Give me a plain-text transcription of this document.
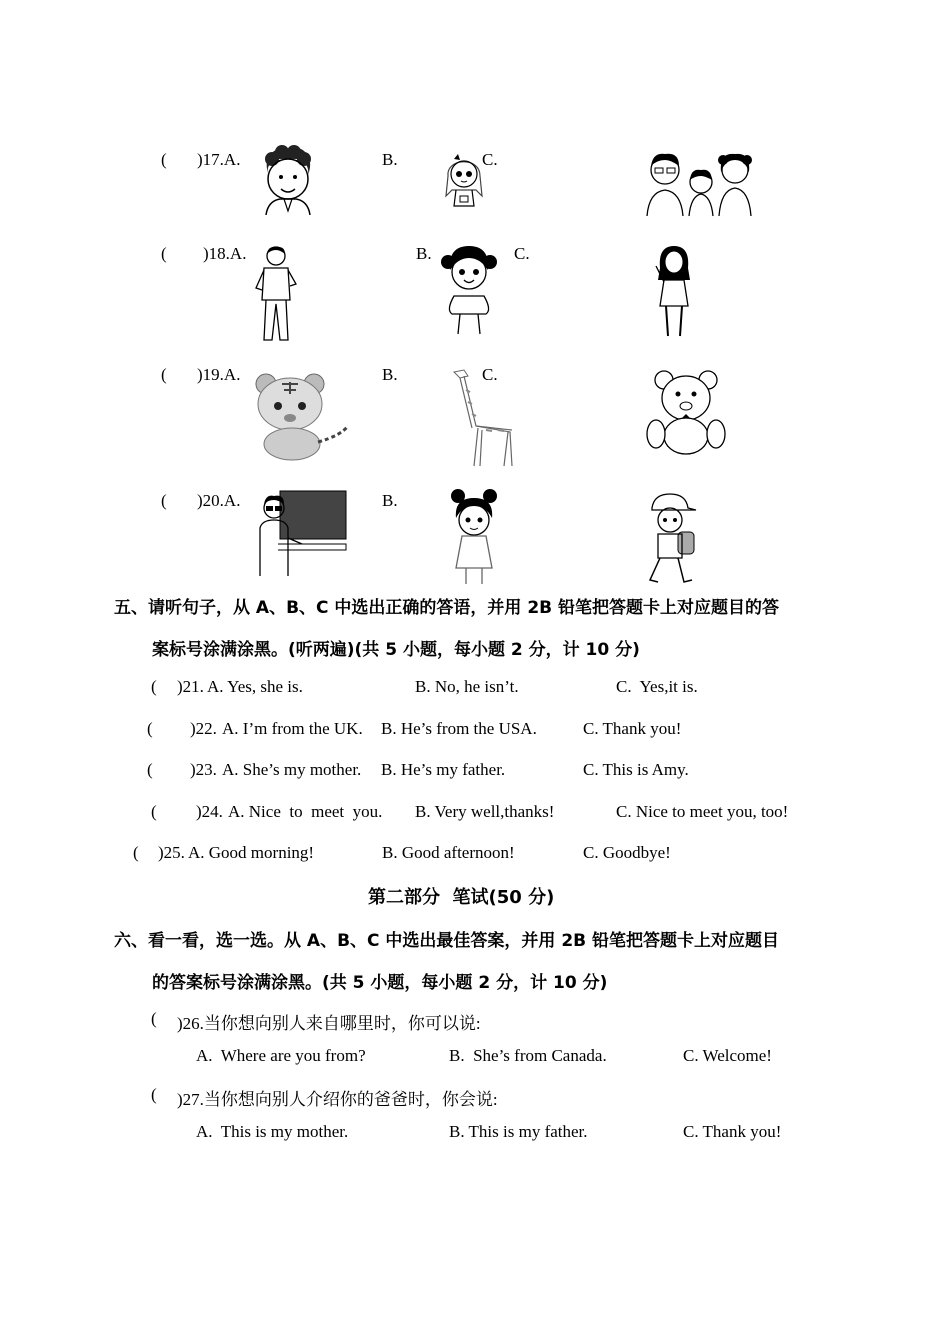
( )17.A.	B.	C.
( )18.A.	B.	C.
( )19.A.	B.	C.
( )20.A.	B.
五、请听句子，从 A、B、C 中选出正确的答语，并用 2B 铅笔把答题卡上对应题目的答
案标号涂满涂黑。(听两遍)(共 5 小题，每小题 2 分，计 10 分)
( )21. A. Yes, she is.	B. No, he isn’t.	C.  Yes,it is.
( )22. A. I’m from the UK. B. He’s from the USA.	C. Thank you!
( )23. A. She’s my mother. B. He’s my father.	C. This is Amy.
( )24. A. Nice  to  meet  you. B. Very well,thanks!	C. Nice to meet you, too!
( )25. A. Good morning!	B. Good afternoon!	C. Goodbye!
第二部分  笔试(50 分)
六、看一看，选一选。从 A、B、C 中选出最佳答案，并用 2B 铅笔把答题卡上对应题目
的答案标号涂满涂黑。(共 5 小题，每小题 2 分，计 10 分)
( )26.当你想向别人来自哪里时，你可以说:
A.  Where are you from?	B.  She’s from Canada.	C. Welcome!
( )27.当你想向别人介绍你的爸爸时，你会说:
A.  This is my mother.	B. This is my father.	C. Thank you!
